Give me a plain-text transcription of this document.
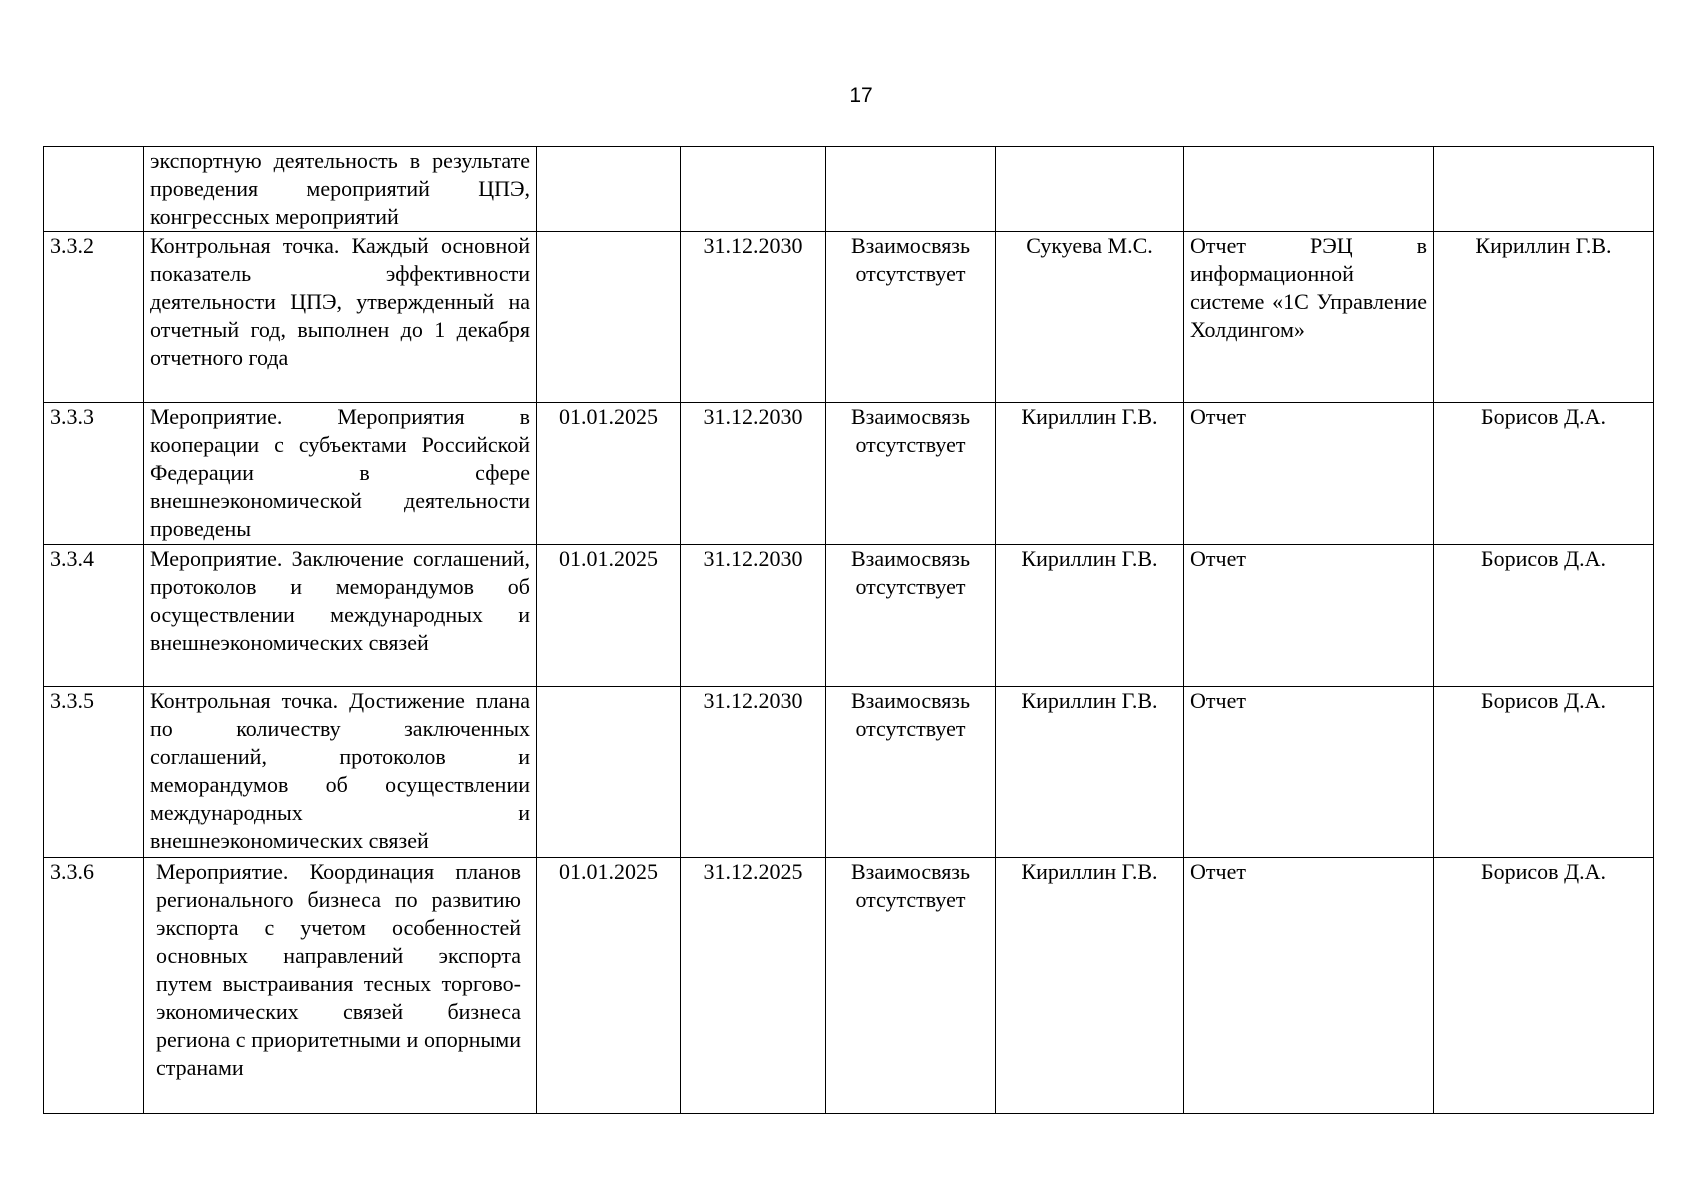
17
	экспортную деятельность в результате проведения мероприятий ЦПЭ, конгрессных мероприятий						
3.3.2	Контрольная точка. Каждый основной показатель эффективности деятельности ЦПЭ, утвержденный на отчетный год, выполнен до 1 декабря отчетного года		31.12.2030	Взаимосвязь отсутствует	Сукуева М.С.	Отчет РЭЦ в информационной системе «1С Управление Холдингом»	Кириллин Г.В.
3.3.3	Мероприятие. Мероприятия в кооперации с субъектами Российской Федерации в сфере внешнеэкономической деятельности проведены	01.01.2025	31.12.2030	Взаимосвязь отсутствует	Кириллин Г.В.	Отчет	Борисов Д.А.
3.3.4	Мероприятие. Заключение соглашений, протоколов и меморандумов об осуществлении международных и внешнеэкономических связей	01.01.2025	31.12.2030	Взаимосвязь отсутствует	Кириллин Г.В.	Отчет	Борисов Д.А.
3.3.5	Контрольная точка. Достижение плана по количеству заключенных соглашений, протоколов и меморандумов об осуществлении международных и внешнеэкономических связей		31.12.2030	Взаимосвязь отсутствует	Кириллин Г.В.	Отчет	Борисов Д.А.
3.3.6	Мероприятие. Координация планов регионального бизнеса по развитию экспорта с учетом особенностей основных направлений экспорта путем выстраивания тесных торгово-экономических связей бизнеса региона с приоритетными и опорными странами	01.01.2025	31.12.2025	Взаимосвязь отсутствует	Кириллин Г.В.	Отчет	Борисов Д.А.
